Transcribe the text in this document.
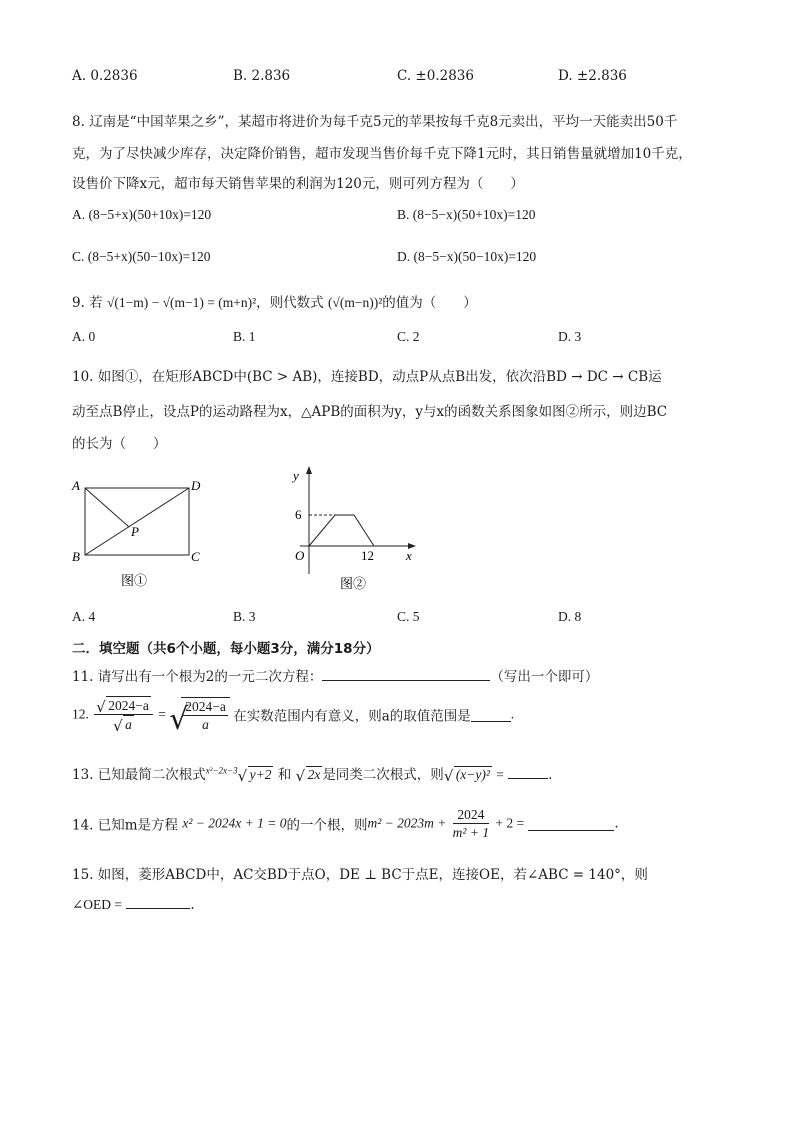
A. 0.2836	B. 2.836	C. ±0.2836	D. ±2.836
8. 辽南是“中国苹果之乡”，某超市将进价为每千克5元的苹果按每千克8元卖出，平均一天能卖出50千
克，为了尽快减少库存，决定降价销售，超市发现当售价每千克下降1元时，其日销售量就增加10千克，
设售价下降x元，超市每天销售苹果的利润为120元，则可列方程为（　　）
A. (8−5+x)(50+10x)=120	B. (8−5−x)(50+10x)=120
C. (8−5+x)(50−10x)=120	D. (8−5−x)(50−10x)=120
9. 若 √(1−m) − √(m−1) = (m+n)²，则代数式 (√(m−n))²的值为（　　）
A. 0	B. 1	C. 2	D. 3
10. 如图①，在矩形ABCD中(BC > AB)，连接BD，动点P从点B出发，依次沿BD → DC → CB运
动至点B停止，设点P的运动路程为x，△APB的面积为y，y与x的函数关系图象如图②所示，则边BC
的长为（　　）
A	D
B	C
P
图①
y
x
O
6
12
图②
A. 4	B. 3	C. 5	D. 8
二．填空题（共6个小题，每小题3分，满分18分）
11. 请写出有一个根为2的一元二次方程：	（写出一个即可）
12. $\frac{√ 2024-a}{√ a}$ = √
$\frac{2024-a}{a}$ 在实数范围内有意义，则a的取值范围是	.
13. 已知最简二次根式$^{x^2-2x-3}$ √ y+2 和 √ 2x 是同类二次根式，则 √ (x−y)² =	.
14. 已知m是方程 x² − 2024x + 1 = 0的一个根，则$m^2 - 2023m + \frac{2024}{\text{m² + 1}} + 2$ =	.
15. 如图，菱形ABCD中，AC交BD于点O，DE ⊥ BC于点E，连接OE，若∠ABC = 140°，则
∠OED =	.
